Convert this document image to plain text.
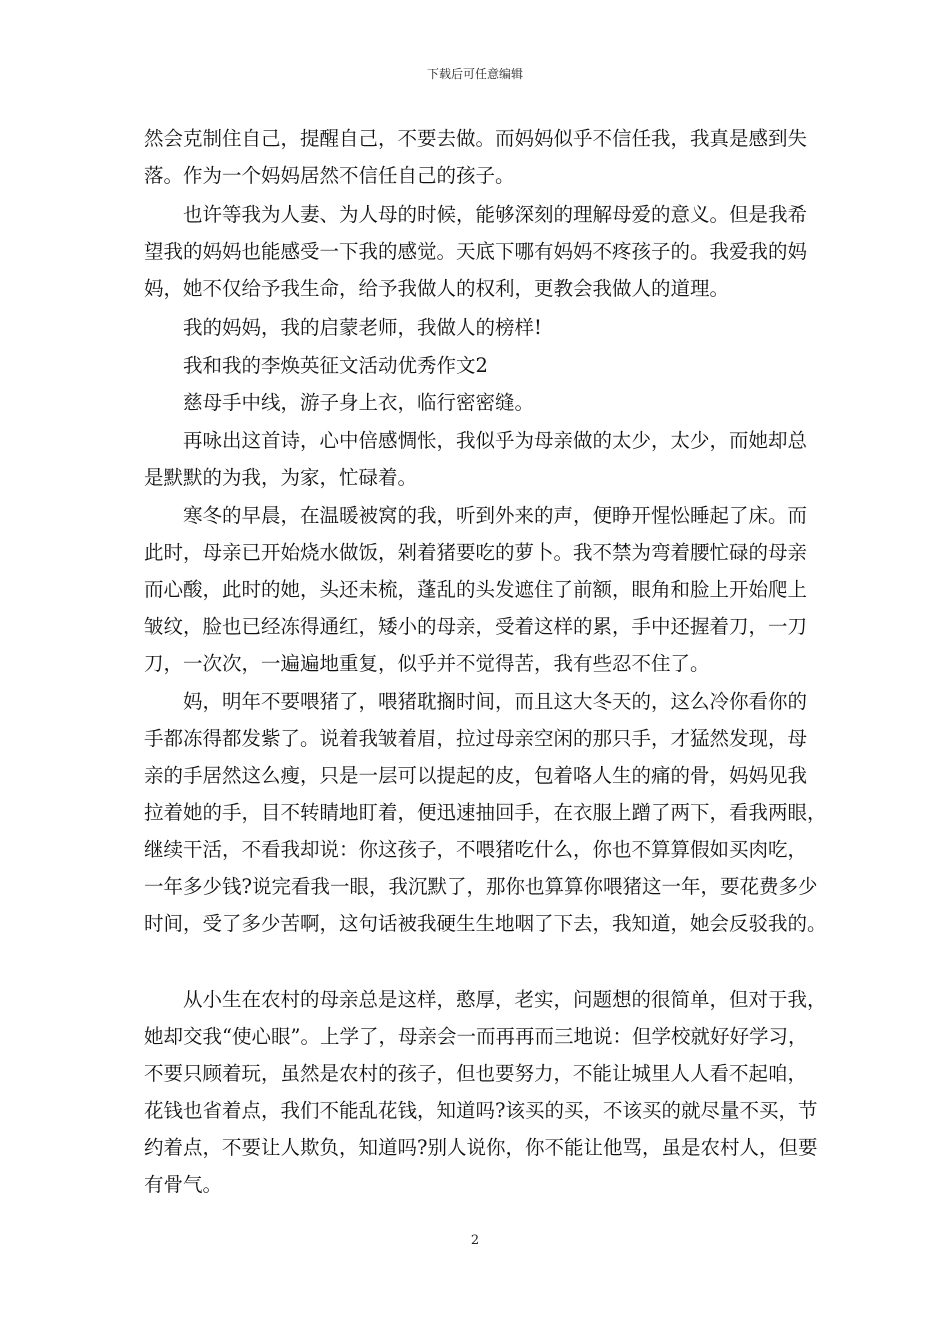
下载后可任意编辑
然会克制住自己，提醒自己，不要去做。而妈妈似乎不信任我，我真是感到失
落。作为一个妈妈居然不信任自己的孩子。
也许等我为人妻、为人母的时候，能够深刻的理解母爱的意义。但是我希
望我的妈妈也能感受一下我的感觉。天底下哪有妈妈不疼孩子的。我爱我的妈
妈，她不仅给予我生命，给予我做人的权利，更教会我做人的道理。
我的妈妈，我的启蒙老师，我做人的榜样!
我和我的李焕英征文活动优秀作文2
慈母手中线，游子身上衣，临行密密缝。
再咏出这首诗，心中倍感惆怅，我似乎为母亲做的太少，太少，而她却总
是默默的为我，为家，忙碌着。
寒冬的早晨，在温暖被窝的我，听到外来的声，便睁开惺忪睡起了床。而
此时，母亲已开始烧水做饭，剁着猪要吃的萝卜。我不禁为弯着腰忙碌的母亲
而心酸，此时的她，头还未梳，蓬乱的头发遮住了前额，眼角和脸上开始爬上
皱纹，脸也已经冻得通红，矮小的母亲，受着这样的累，手中还握着刀，一刀
刀，一次次，一遍遍地重复，似乎并不觉得苦，我有些忍不住了。
妈，明年不要喂猪了，喂猪耽搁时间，而且这大冬天的，这么冷你看你的
手都冻得都发紫了。说着我皱着眉，拉过母亲空闲的那只手，才猛然发现，母
亲的手居然这么瘦，只是一层可以提起的皮，包着咯人生的痛的骨，妈妈见我
拉着她的手，目不转睛地盯着，便迅速抽回手，在衣服上蹭了两下，看我两眼，
继续干活，不看我却说：你这孩子，不喂猪吃什么，你也不算算假如买肉吃，
一年多少钱?说完看我一眼，我沉默了，那你也算算你喂猪这一年，要花费多少
时间，受了多少苦啊，这句话被我硬生生地咽了下去，我知道，她会反驳我的。
从小生在农村的母亲总是这样，憨厚，老实，问题想的很简单，但对于我，
她却交我“使心眼”。上学了，母亲会一而再再而三地说：但学校就好好学习，
不要只顾着玩，虽然是农村的孩子，但也要努力，不能让城里人人看不起咱，
花钱也省着点，我们不能乱花钱，知道吗?该买的买，不该买的就尽量不买，节
约着点，不要让人欺负，知道吗?别人说你，你不能让他骂，虽是农村人，但要
有骨气。
2
